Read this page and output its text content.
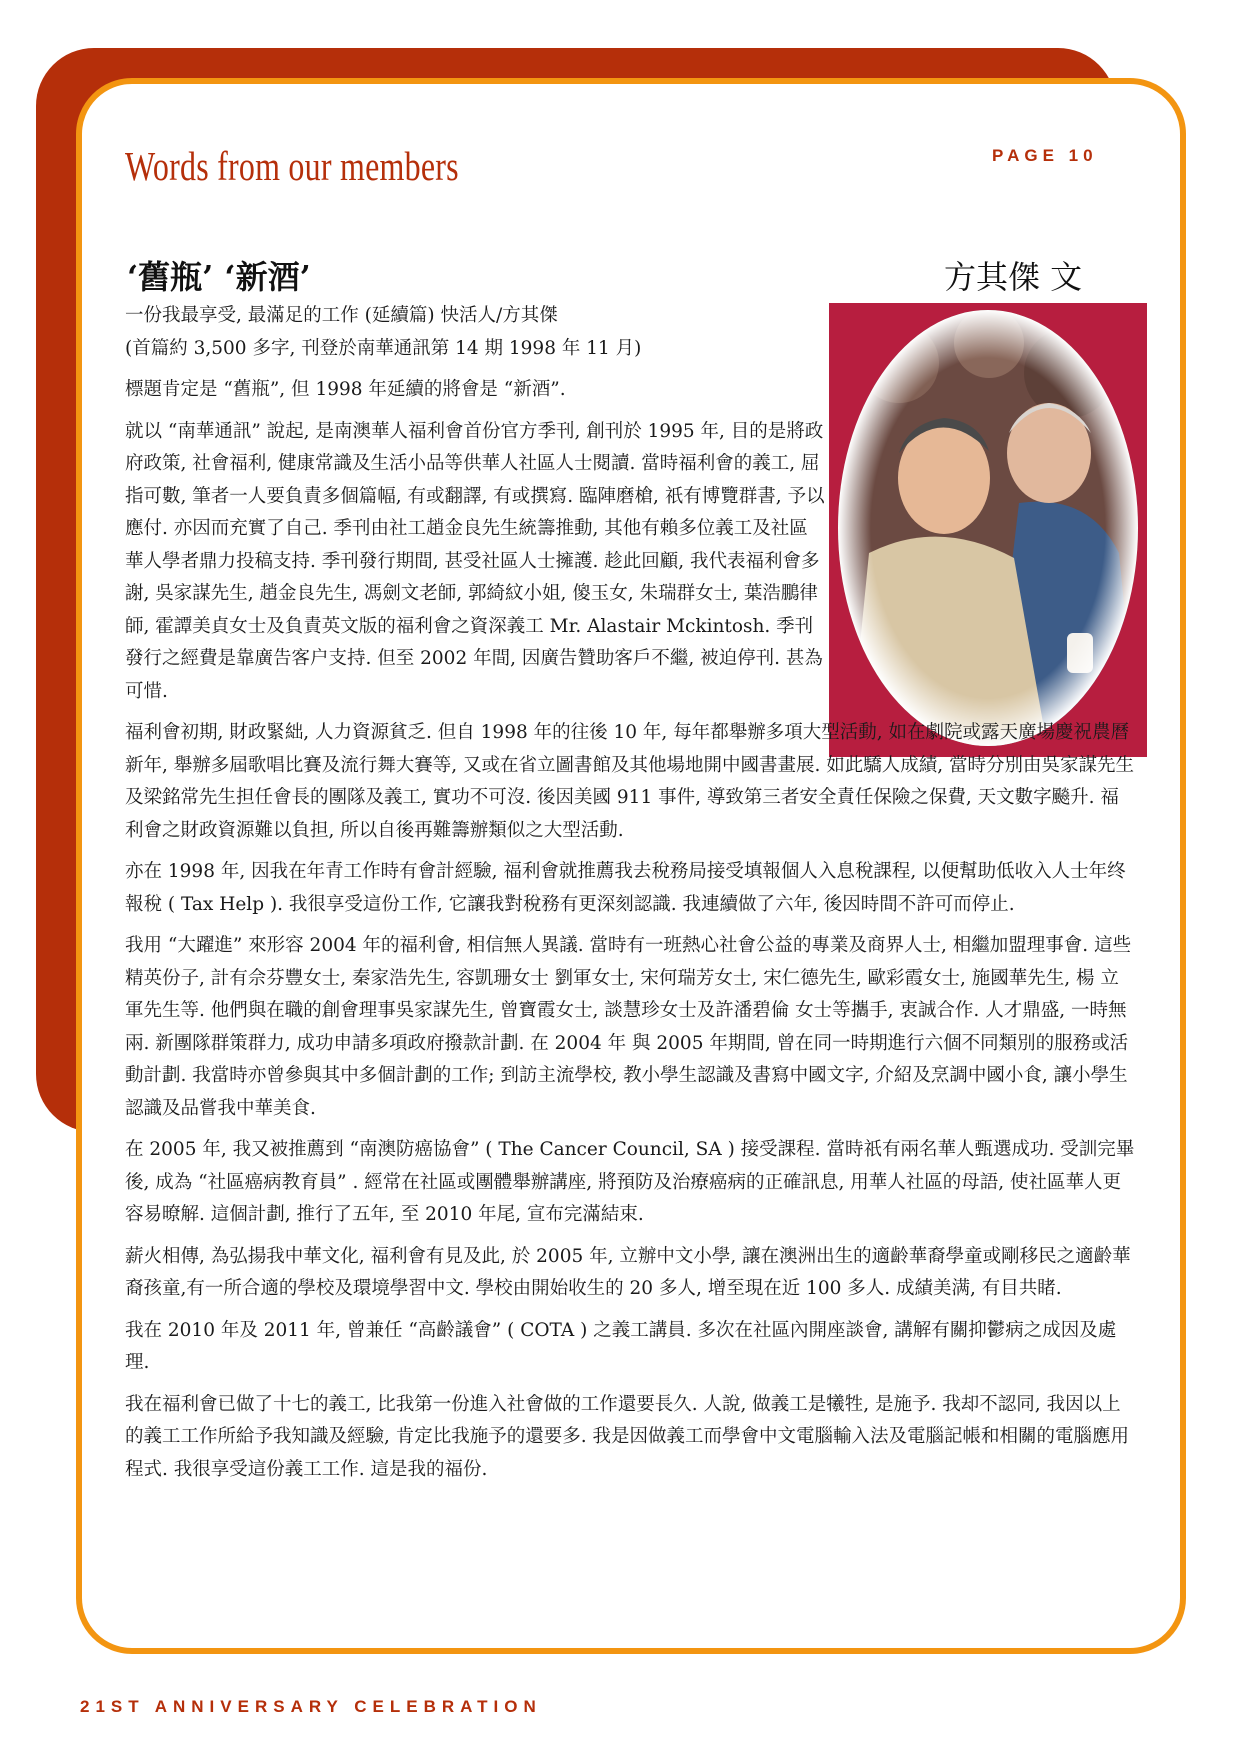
Words from our members	PAGE 10
‘舊瓶’ ‘新酒’	方其傑 文
一份我最享受, 最滿足的工作 (延續篇) 快活人/方其傑
(首篇約 3,500 多字, 刊登於南華通訊第 14 期 1998 年 11 月)

標題肯定是 “舊瓶”, 但 1998 年延續的將會是 “新酒”.

就以 “南華通訊” 說起, 是南澳華人福利會首份官方季刊, 創刊於 1995 年, 目的是將政府政策, 社會福利, 健康常識及生活小品等供華人社區人士閱讀. 當時福利會的義工, 屈指可數, 筆者一人要負責多個篇幅, 有或翻譯, 有或撰寫. 臨陣磨槍, 祇有博覽群書, 予以應付. 亦因而充實了自己. 季刊由社工趙金良先生統籌推動, 其他有賴多位義工及社區華人學者鼎力投稿支持. 季刊發行期間, 甚受社區人士擁護. 趁此回顧, 我代表福利會多謝, 吳家謀先生, 趙金良先生, 馮劍文老師, 郭綺紋小姐, 傻玉女, 朱瑞群女士, 葉浩鵬律師, 霍譚美貞女士及負責英文版的福利會之資深義工 Mr. Alastair Mckintosh. 季刊發行之經費是靠廣告客户支持. 但至 2002 年間, 因廣告贊助客戶不繼, 被迫停刊. 甚為可惜.

福利會初期, 財政緊絀, 人力資源貧乏. 但自 1998 年的往後 10 年, 每年都舉辦多項大型活動, 如在劇院或露天廣場慶祝農曆新年, 舉辦多屆歌唱比賽及流行舞大賽等, 又或在省立圖書館及其他場地開中國書畫展. 如此驕人成績, 當時分別由吳家謀先生及梁銘常先生担任會長的團隊及義工, 實功不可沒. 後因美國 911 事件, 導致第三者安全責任保險之保費, 天文數字飈升. 福利會之財政資源難以負担, 所以自後再難籌辦類似之大型活動.

亦在 1998 年, 因我在年青工作時有會計經驗, 福利會就推薦我去稅務局接受填報個人入息稅課程, 以便幫助低收入人士年终報稅 ( Tax Help ). 我很享受這份工作, 它讓我對稅務有更深刻認識. 我連續做了六年, 後因時間不許可而停止.

我用 “大躍進” 來形容 2004 年的福利會, 相信無人異議. 當時有一班熱心社會公益的專業及商界人士, 相繼加盟理事會. 這些精英份子, 計有佘芬豐女士, 秦家浩先生, 容凱珊女士 劉軍女士, 宋何瑞芳女士, 宋仁德先生, 歐彩霞女士, 施國華先生, 楊 立軍先生等. 他們與在職的創會理事吳家謀先生, 曾寶霞女士, 談慧珍女士及許潘碧倫 女士等攜手, 衷誠合作. 人才鼎盛, 一時無兩. 新團隊群策群力, 成功申請多項政府撥款計劃. 在 2004 年 與 2005 年期間, 曾在同一時期進行六個不同類別的服務或活動計劃. 我當時亦曾參與其中多個計劃的工作; 到訪主流學校, 教小學生認識及書寫中國文字, 介紹及烹調中國小食, 讓小學生認識及品嘗我中華美食.

在 2005 年, 我又被推薦到 “南澳防癌協會” ( The Cancer Council, SA ) 接受課程. 當時祇有兩名華人甄選成功. 受訓完畢後, 成為 “社區癌病教育員” . 經常在社區或團體舉辦講座, 將預防及治療癌病的正確訊息, 用華人社區的母語, 使社區華人更容易暸解. 這個計劃, 推行了五年, 至 2010 年尾, 宣布完滿結束.

薪火相傳, 為弘揚我中華文化, 福利會有見及此, 於 2005 年, 立辦中文小學, 讓在澳洲出生的適齡華裔學童或剛移民之適齡華裔孩童,有一所合適的學校及環境學習中文. 學校由開始收生的 20 多人, 增至現在近 100 多人. 成績美满, 有目共睹.

我在 2010 年及 2011 年, 曾兼任 “高齡議會” ( COTA ) 之義工講員. 多次在社區內開座談會, 講解有關抑鬱病之成因及處理.

我在福利會已做了十七的義工, 比我第一份進入社會做的工作還要長久. 人說, 做義工是犧牲, 是施予. 我却不認同, 我因以上的義工工作所給予我知識及經驗, 肯定比我施予的還要多. 我是因做義工而學會中文電腦輸入法及電腦記帳和相關的電腦應用程式. 我很享受這份義工工作. 這是我的福份.

21ST ANNIVERSARY CELEBRATION
